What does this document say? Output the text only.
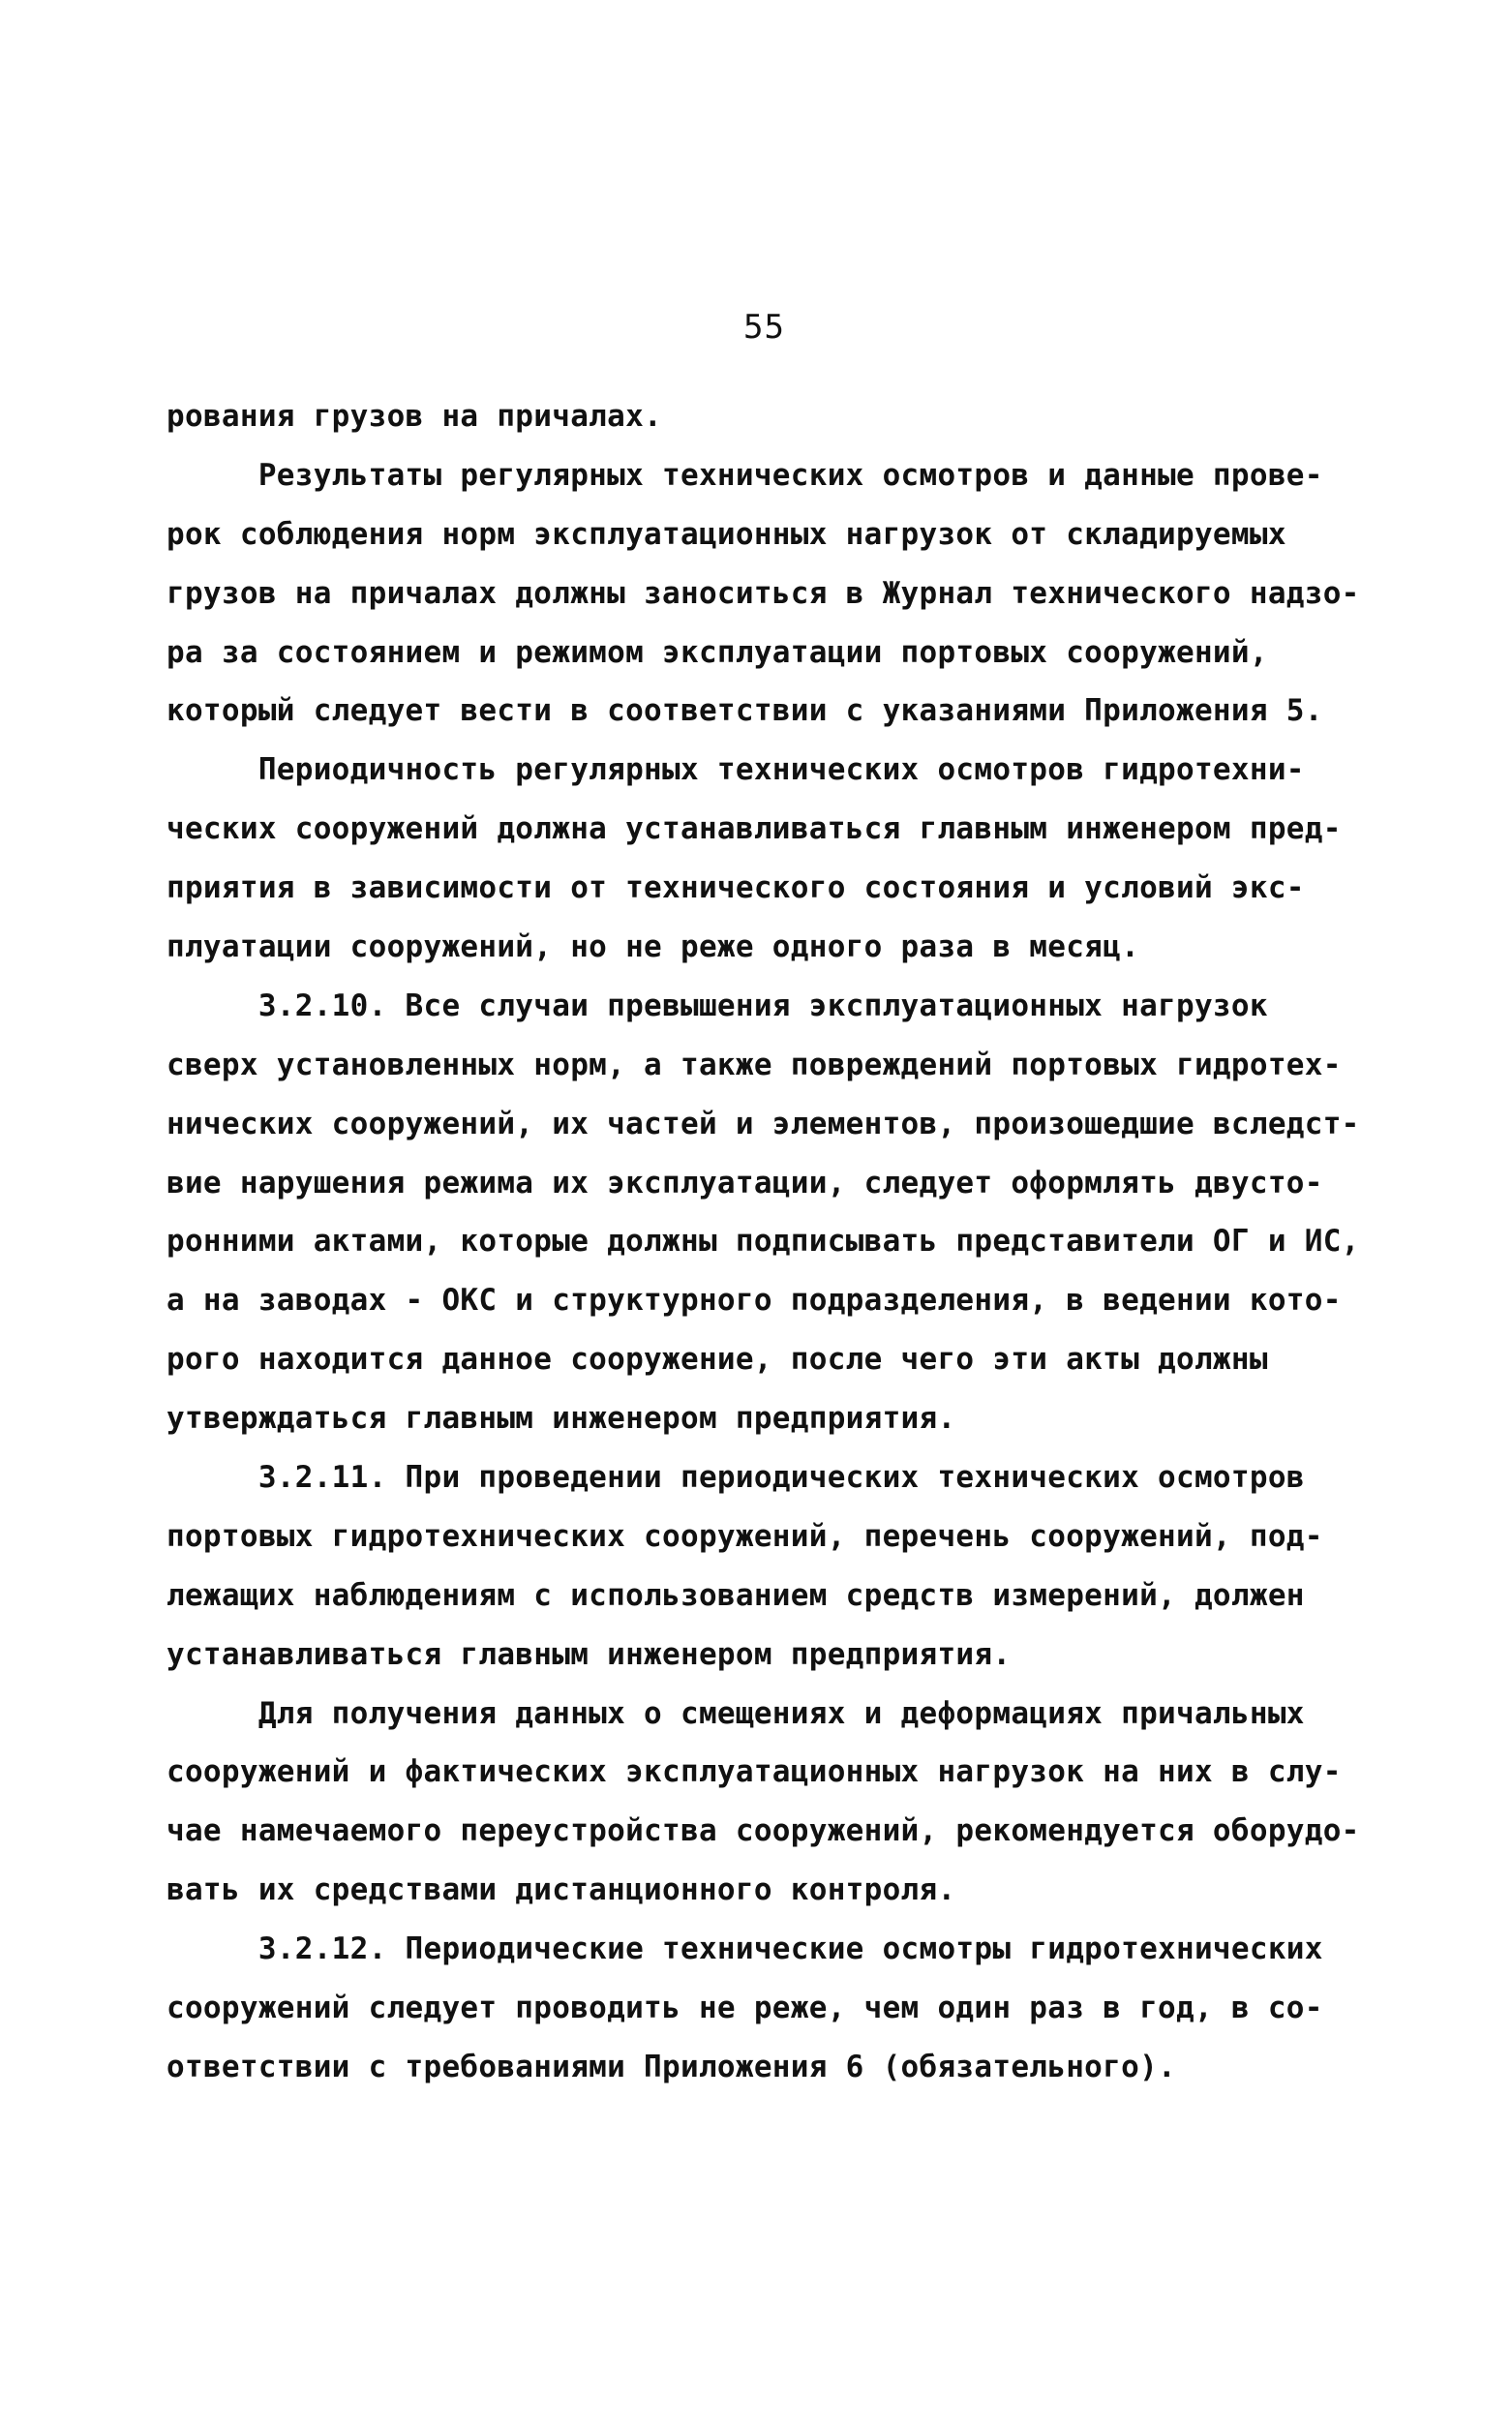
55
рования грузов на причалах.
Результаты регулярных технических осмотров и данные прове-
рок соблюдения норм эксплуатационных нагрузок от складируемых
грузов на причалах должны заноситься в Журнал технического надзо-
ра за состоянием и режимом эксплуатации портовых сооружений,
который следует вести в соответствии с указаниями Приложения 5.
Периодичность регулярных технических осмотров гидротехни-
ческих сооружений должна устанавливаться главным инженером пред-
приятия в зависимости от технического состояния и условий экс-
плуатации сооружений, но не реже одного раза в месяц.
3.2.10. Все случаи превышения эксплуатационных нагрузок
сверх установленных норм, а также повреждений портовых гидротех-
нических сооружений, их частей и элементов, произошедшие вследст-
вие нарушения режима их эксплуатации, следует оформлять двусто-
ронними актами, которые должны подписывать представители ОГ и ИС,
а на заводах - ОКС и структурного подразделения, в ведении кото-
рого находится данное сооружение, после чего эти акты должны
утверждаться главным инженером предприятия.
3.2.11. При проведении периодических технических осмотров
портовых гидротехнических сооружений, перечень сооружений, под-
лежащих наблюдениям с использованием средств измерений, должен
устанавливаться главным инженером предприятия.
Для получения данных о смещениях и деформациях причальных
сооружений и фактических эксплуатационных нагрузок на них в слу-
чае намечаемого переустройства сооружений, рекомендуется оборудо-
вать их средствами дистанционного контроля.
3.2.12. Периодические технические осмотры гидротехнических
сооружений следует проводить не реже, чем один раз в год, в со-
ответствии с требованиями Приложения 6 (обязательного).
